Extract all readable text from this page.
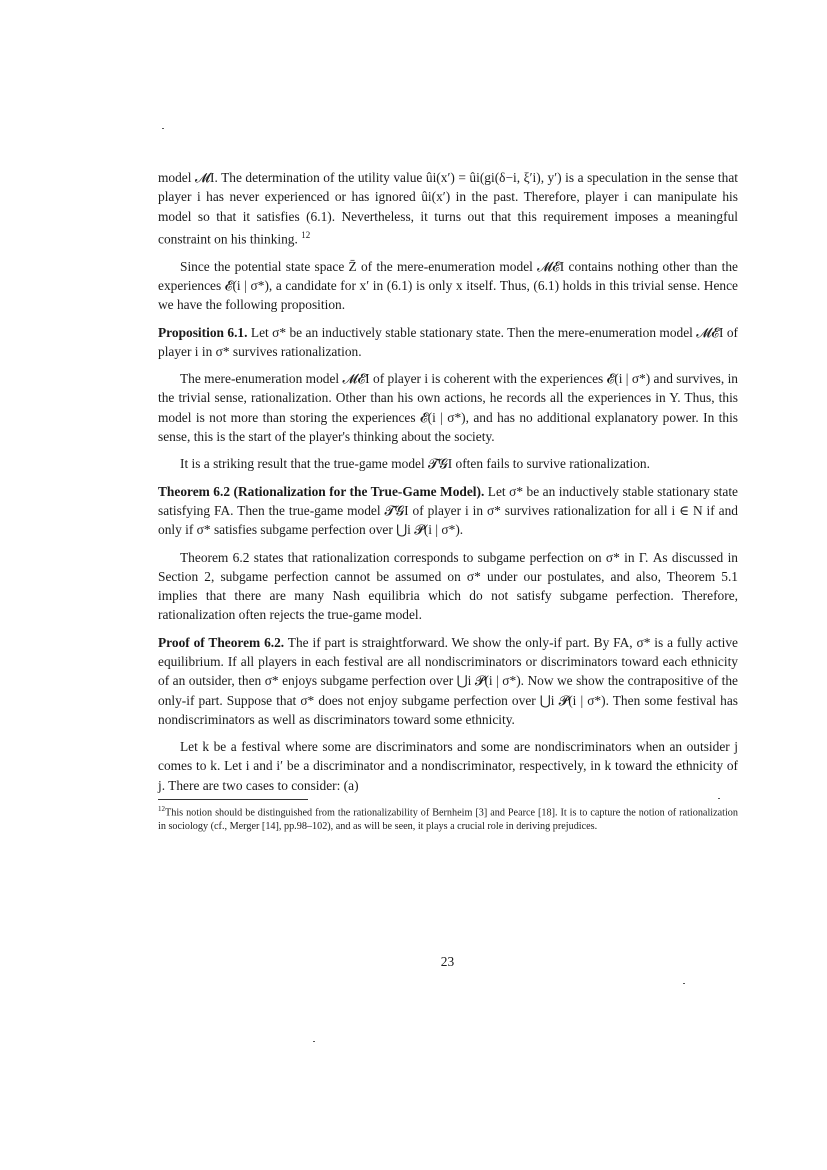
model 𝓜I. The determination of the utility value ûi(x′) = ûi(gi(δ−i, ξ′i), y′) is a speculation in the sense that player i has never experienced or has ignored ûi(x′) in the past. Therefore, player i can manipulate his model so that it satisfies (6.1). Nevertheless, it turns out that this requirement imposes a meaningful constraint on his thinking. $^{12}$

Since the potential state space Z̄ of the mere-enumeration model 𝓜𝓔I contains nothing other than the experiences 𝓔(i | σ*), a candidate for x′ in (6.1) is only x itself. Thus, (6.1) holds in this trivial sense. Hence we have the following proposition.

Proposition 6.1. Let σ* be an inductively stable stationary state. Then the mere-enumeration model 𝓜𝓔I of player i in σ* survives rationalization.

The mere-enumeration model 𝓜𝓔I of player i is coherent with the experiences 𝓔(i | σ*) and survives, in the trivial sense, rationalization. Other than his own actions, he records all the experiences in Y. Thus, this model is not more than storing the experiences 𝓔(i | σ*), and has no additional explanatory power. In this sense, this is the start of the player's thinking about the society.

It is a striking result that the true-game model 𝓣𝓖I often fails to survive rationalization.

Theorem 6.2 (Rationalization for the True-Game Model). Let σ* be an inductively stable stationary state satisfying FA. Then the true-game model 𝓣𝓖I of player i in σ* survives rationalization for all i ∈ N if and only if σ* satisfies subgame perfection over ⋃i 𝓟(i | σ*).

Theorem 6.2 states that rationalization corresponds to subgame perfection on σ* in Γ. As discussed in Section 2, subgame perfection cannot be assumed on σ* under our postulates, and also, Theorem 5.1 implies that there are many Nash equilibria which do not satisfy subgame perfection. Therefore, rationalization often rejects the true-game model.

Proof of Theorem 6.2. The if part is straightforward. We show the only-if part. By FA, σ* is a fully active equilibrium. If all players in each festival are all nondiscriminators or discriminators toward each ethnicity of an outsider, then σ* enjoys subgame perfection over ⋃i 𝓟(i | σ*). Now we show the contrapositive of the only-if part. Suppose that σ* does not enjoy subgame perfection over ⋃i 𝓟(i | σ*). Then some festival has nondiscriminators as well as discriminators toward some ethnicity.

Let k be a festival where some are discriminators and some are nondiscriminators when an outsider j comes to k. Let i and i′ be a discriminator and a nondiscriminator, respectively, in k toward the ethnicity of j. There are two cases to consider: (a)

$^{12}$This notion should be distinguished from the rationalizability of Bernheim [3] and Pearce [18]. It is to capture the notion of rationalization in sociology (cf., Merger [14], pp.98–102), and as will be seen, it plays a crucial role in deriving prejudices.

23
